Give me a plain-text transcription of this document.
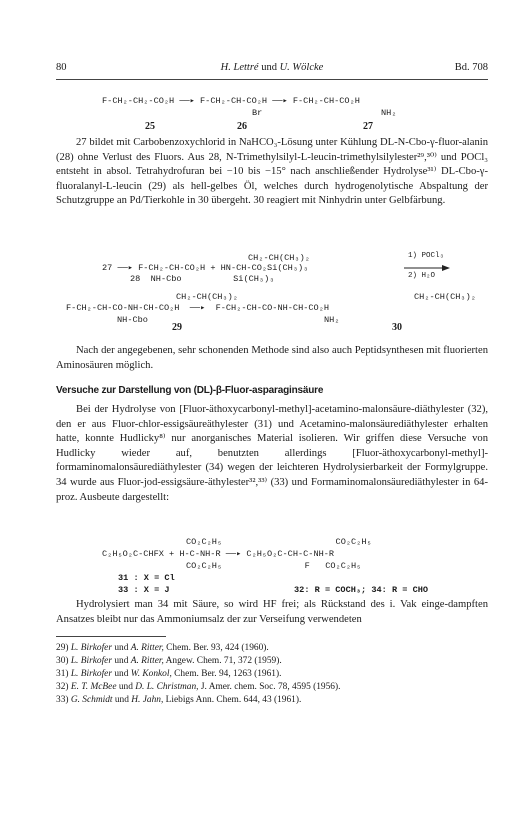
80	H. Lettré und U. Wölcke	Bd. 708
F-CH₂-CH₂-CO₂H ──▸ F-CH₂-CH-CO₂H ──▸ F-CH₂-CH-CO₂H
Br	NH₂
25	26	27
27 bildet mit Carbobenzoxychlorid in NaHCO₃-Lösung unter Kühlung DL-N-Cbo-γ-fluor-alanin (28) ohne Verlust des Fluors. Aus 28, N-Trimethylsilyl-L-leucin-trimethylsilylester²⁹,³⁰⁾ und POCl₃ entsteht in absol. Tetrahydrofuran bei −10 bis −15° nach anschließender Hydrolyse³¹⁾ DL-Cbo-γ-fluoralanyl-L-leucin (29) als hell-gelbes Öl, welches durch hydrogenolytische Abspaltung der Schutzgruppe an Pd/Tierkohle in 30 übergeht. 30 reagiert mit Ninhydrin unter Gelbfärbung.
CH₂-CH(CH₃)₂
27 ──▸ F-CH₂-CH-CO₂H + HN-CH-CO₂Si(CH₃)₃
28  NH-Cbo          Si(CH₃)₃
1) POCl₃
2) H₂O
CH₂-CH(CH₃)₂	CH₂-CH(CH₃)₂
F-CH₂-CH-CO-NH-CH-CO₂H  ──▸  F-CH₂-CH-CO-NH-CH-CO₂H
NH-Cbo
29
NH₂
30
Nach der angegebenen, sehr schonenden Methode sind also auch Peptidsynthesen mit fluorierten Aminosäuren möglich.
Versuche zur Darstellung von (DL)-β-Fluor-asparaginsäure
Bei der Hydrolyse von [Fluor-äthoxycarbonyl-methyl]-acetamino-malonsäure-diäthylester (32), den er aus Fluor-chlor-essigsäureäthylester (31) und Acetamino-malonsäurediäthylester erhalten hatte, konnte Hudlicky⁸⁾ nur anorganisches Material isolieren. Wir griffen diese Versuche von Hudlicky wieder auf, benutzten allerdings [Fluor-äthoxycarbonyl-methyl]-formaminomalonsäurediäthylester (34) wegen der leichteren Hydrolysierbarkeit der Formylgruppe. 34 wurde aus Fluor-jod-essigsäure-äthylester³²,³³⁾ (33) und Formaminomalonsäurediäthylester in 64-proz. Ausbeute dargestellt:
CO₂C₂H₅                      CO₂C₂H₅
C₂H₅O₂C-CHFX + H-C-NH-R ──▸ C₂H₅O₂C-CH-C-NH-R
CO₂C₂H₅                F   CO₂C₂H₅
31 : X = Cl
33 : X = J	32: R = COCH₃; 34: R = CHO
Hydrolysiert man 34 mit Säure, so wird HF frei; als Rückstand des i. Vak einge-dampften Ansatzes bleibt nur das Ammoniumsalz der zur Verseifung verwendeten
29) L. Birkofer und A. Ritter, Chem. Ber. 93, 424 (1960).
30) L. Birkofer und A. Ritter, Angew. Chem. 71, 372 (1959).
31) L. Birkofer und W. Konkol, Chem. Ber. 94, 1263 (1961).
32) E. T. McBee und D. L. Christman, J. Amer. chem. Soc. 78, 4595 (1956).
33) G. Schmidt und H. Jahn, Liebigs Ann. Chem. 644, 43 (1961).
